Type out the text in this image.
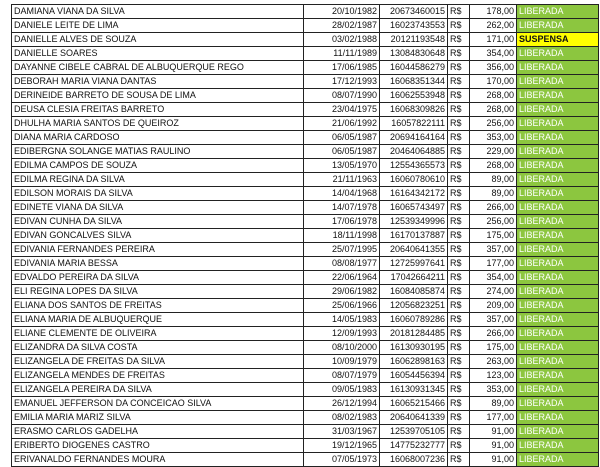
DAMIANA VIANA DA SILVA	20/10/1982	20673460015	R$	178,00	LIBERADA
DANIELE LEITE DE LIMA	28/02/1987	16023743553	R$	262,00	LIBERADA
DANIELLE ALVES DE SOUZA	03/02/1988	20121193548	R$	171,00	SUSPENSA
DANIELLE SOARES	11/11/1989	13084830648	R$	354,00	LIBERADA
DAYANNE CIBELE CABRAL DE ALBUQUERQUE REGO	17/06/1985	16044586279	R$	356,00	LIBERADA
DEBORAH MARIA VIANA DANTAS	17/12/1993	16068351344	R$	170,00	LIBERADA
DERINEIDE BARRETO DE SOUSA DE LIMA	08/07/1990	16062553948	R$	268,00	LIBERADA
DEUSA CLESIA FREITAS BARRETO	23/04/1975	16068309826	R$	268,00	LIBERADA
DHULHA MARIA SANTOS DE QUEIROZ	21/06/1992	16057822111	R$	256,00	LIBERADA
DIANA MARIA CARDOSO	06/05/1987	20694164164	R$	353,00	LIBERADA
EDIBERGNA SOLANGE MATIAS RAULINO	06/05/1987	20464064885	R$	229,00	LIBERADA
EDILMA CAMPOS DE SOUZA	13/05/1970	12554365573	R$	268,00	LIBERADA
EDILMA REGINA DA SILVA	21/11/1963	16060780610	R$	89,00	LIBERADA
EDILSON MORAIS DA SILVA	14/04/1968	16164342172	R$	89,00	LIBERADA
EDINETE VIANA DA SILVA	14/07/1978	16065743497	R$	266,00	LIBERADA
EDIVAN CUNHA DA SILVA	17/06/1978	12539349996	R$	256,00	LIBERADA
EDIVAN GONCALVES SILVA	18/11/1998	16170137887	R$	175,00	LIBERADA
EDIVANIA FERNANDES PEREIRA	25/07/1995	20640641355	R$	357,00	LIBERADA
EDIVANIA MARIA BESSA	08/08/1977	12725997641	R$	177,00	LIBERADA
EDVALDO PEREIRA DA SILVA	22/06/1964	17042664211	R$	354,00	LIBERADA
ELI REGINA LOPES DA SILVA	29/06/1982	16084085874	R$	274,00	LIBERADA
ELIANA DOS SANTOS DE FREITAS	25/06/1966	12056823251	R$	209,00	LIBERADA
ELIANA MARIA DE ALBUQUERQUE	14/05/1983	16060789286	R$	357,00	LIBERADA
ELIANE CLEMENTE DE OLIVEIRA	12/09/1993	20181284485	R$	266,00	LIBERADA
ELIZANDRA DA SILVA COSTA	08/10/2000	16130930195	R$	175,00	LIBERADA
ELIZANGELA DE FREITAS DA SILVA	10/09/1979	16062898163	R$	263,00	LIBERADA
ELIZANGELA MENDES DE FREITAS	08/07/1979	16054456394	R$	123,00	LIBERADA
ELIZANGELA PEREIRA DA SILVA	09/05/1983	16130931345	R$	353,00	LIBERADA
EMANUEL JEFFERSON DA CONCEICAO SILVA	26/12/1994	16065215466	R$	89,00	LIBERADA
EMILIA MARIA MARIZ SILVA	08/02/1983	20640641339	R$	177,00	LIBERADA
ERASMO CARLOS GADELHA	31/03/1967	12539705105	R$	91,00	LIBERADA
ERIBERTO DIOGENES CASTRO	19/12/1965	14775232777	R$	91,00	LIBERADA
ERIVANALDO FERNANDES MOURA	07/05/1973	16068007236	R$	91,00	LIBERADA
